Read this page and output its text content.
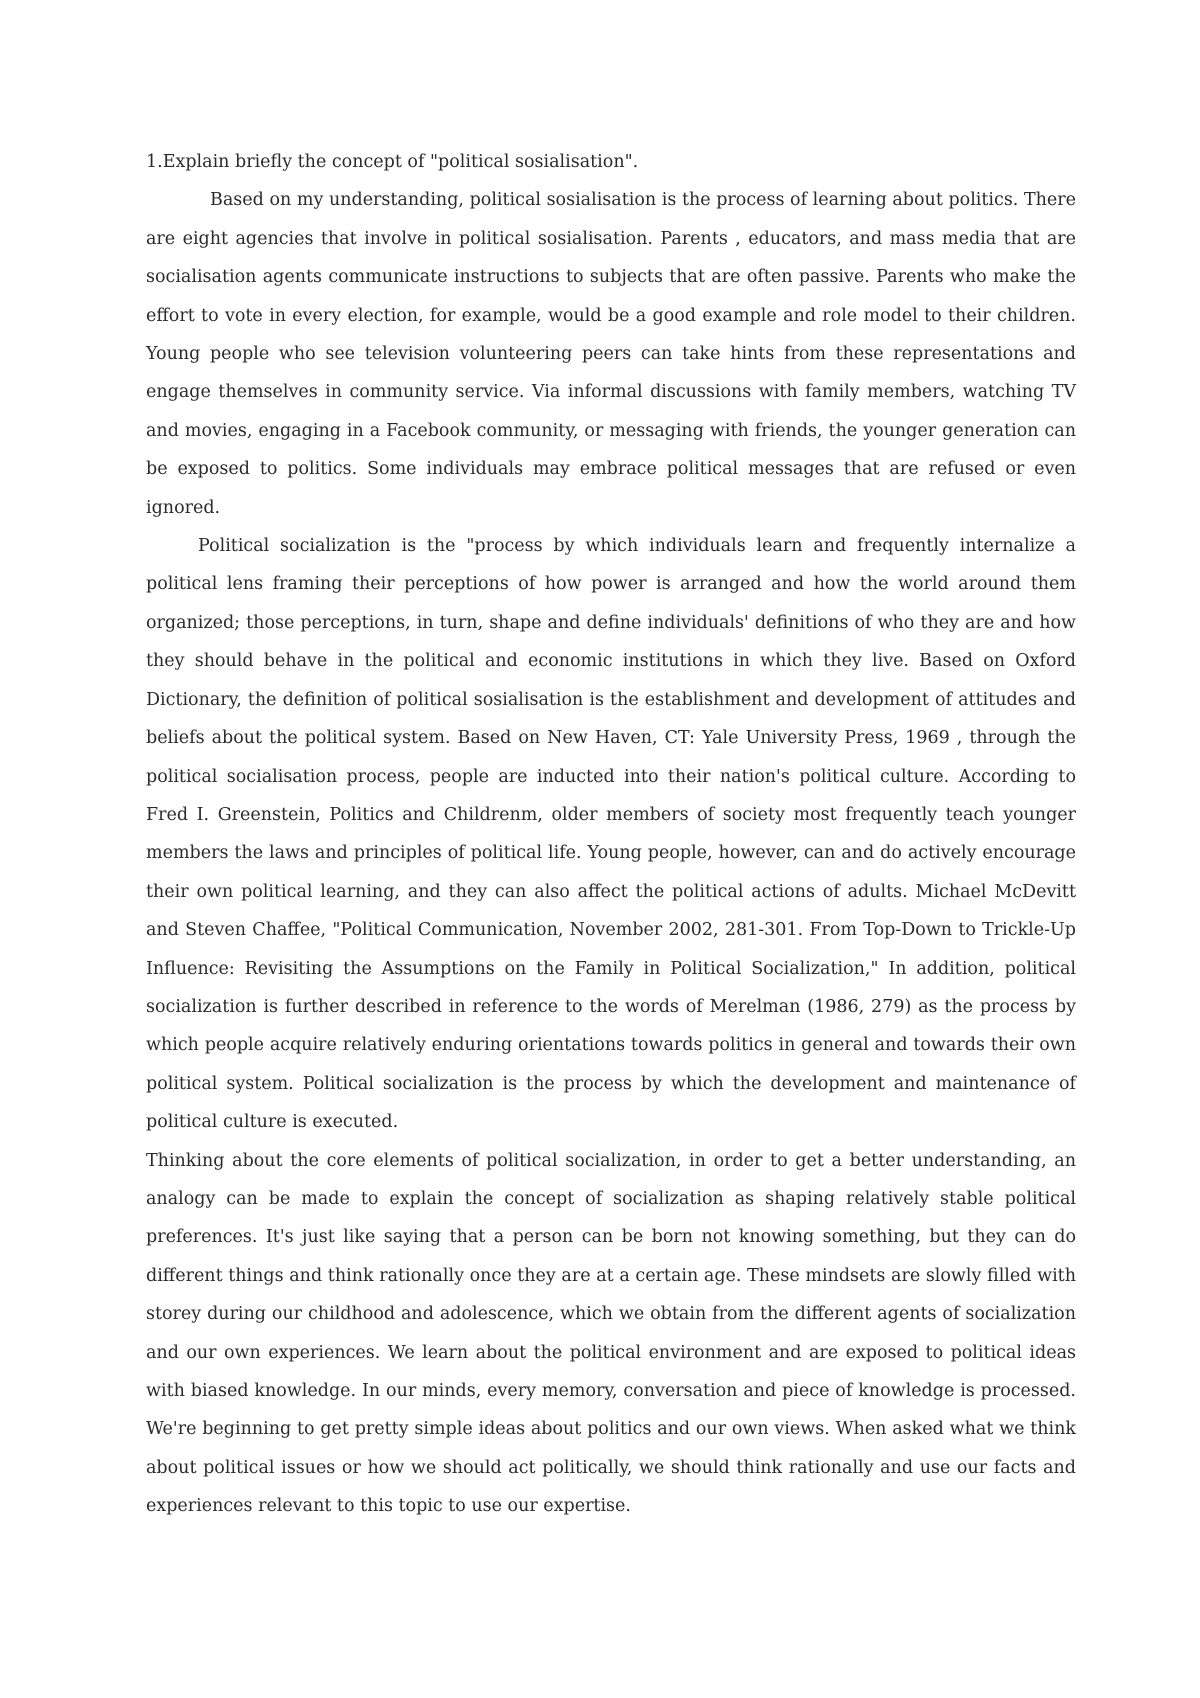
1.Explain briefly the concept of "political sosialisation".

Based on my understanding, political sosialisation is the process of learning about politics. There are eight agencies that involve in political sosialisation. Parents , educators, and mass media that are socialisation agents communicate instructions to subjects that are often passive. Parents who make the effort to vote in every election, for example, would be a good example and role model to their children. Young people who see television volunteering peers can take hints from these representations and engage themselves in community service. Via informal discussions with family members, watching TV and movies, engaging in a Facebook community, or messaging with friends, the younger generation can be exposed to politics. Some individuals may embrace political messages that are refused or even ignored.

Political socialization is the "process by which individuals learn and frequently internalize a political lens framing their perceptions of how power is arranged and how the world around them organized; those perceptions, in turn, shape and define individuals' definitions of who they are and how they should behave in the political and economic institutions in which they live. Based on Oxford Dictionary, the definition of political sosialisation is the establishment and development of attitudes and beliefs about the political system. Based on New Haven, CT: Yale University Press, 1969 , through the political socialisation process, people are inducted into their nation's political culture. According to Fred I. Greenstein, Politics and Childrenm, older members of society most frequently teach younger members the laws and principles of political life. Young people, however, can and do actively encourage their own political learning, and they can also affect the political actions of adults. Michael McDevitt and Steven Chaffee, "Political Communication, November 2002, 281-301. From Top-Down to Trickle-Up Influence: Revisiting the Assumptions on the Family in Political Socialization," In addition, political socialization is further described in reference to the words of Merelman (1986, 279) as the process by which people acquire relatively enduring orientations towards politics in general and towards their own political system. Political socialization is the process by which the development and maintenance of political culture is executed.

Thinking about the core elements of political socialization, in order to get a better understanding, an analogy can be made to explain the concept of socialization as shaping relatively stable political preferences. It's just like saying that a person can be born not knowing something, but they can do different things and think rationally once they are at a certain age. These mindsets are slowly filled with storey during our childhood and adolescence, which we obtain from the different agents of socialization and our own experiences. We learn about the political environment and are exposed to political ideas with biased knowledge. In our minds, every memory, conversation and piece of knowledge is processed. We're beginning to get pretty simple ideas about politics and our own views. When asked what we think about political issues or how we should act politically, we should think rationally and use our facts and experiences relevant to this topic to use our expertise.
